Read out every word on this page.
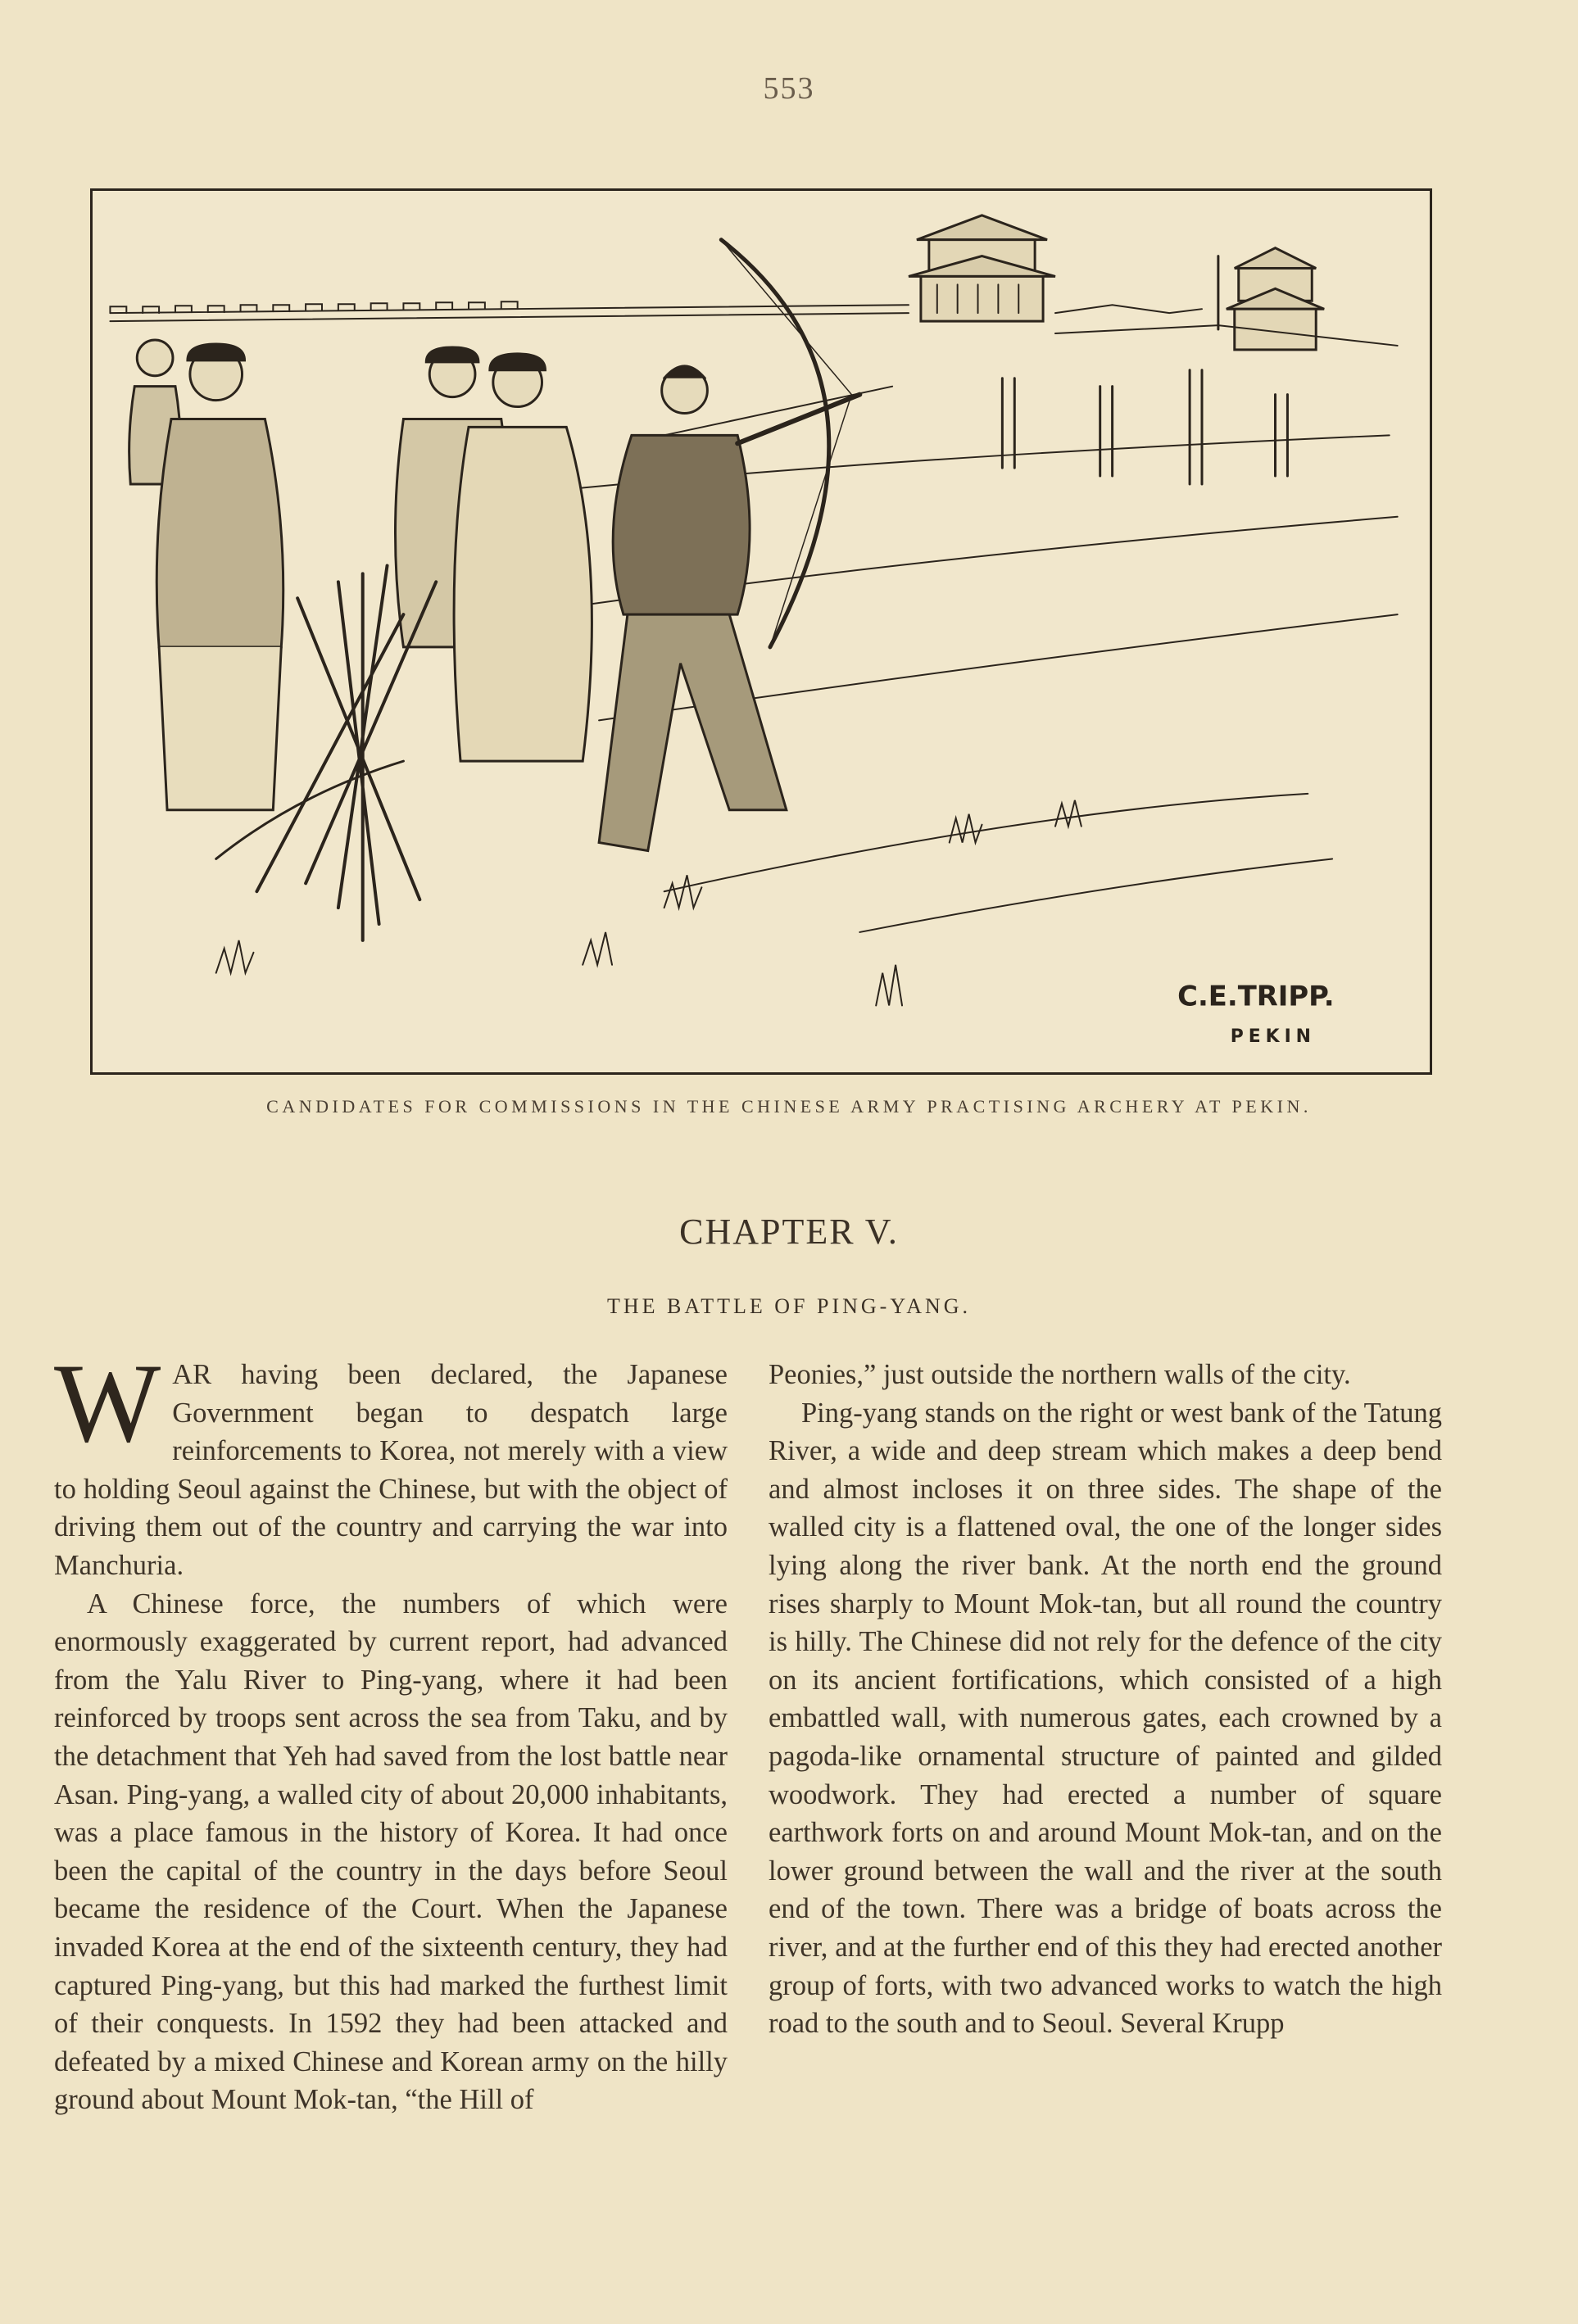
553
C.E.TRIPP.
PEKIN
CANDIDATES FOR COMMISSIONS IN THE CHINESE ARMY PRACTISING ARCHERY AT PEKIN.
CHAPTER V.
THE BATTLE OF PING-YANG.

WAR having been declared, the Japanese Government began to despatch large reinforcements to Korea, not merely with a view to holding Seoul against the Chinese, but with the object of driving them out of the country and carrying the war into Manchuria.

A Chinese force, the numbers of which were enormously exaggerated by current report, had advanced from the Yalu River to Ping-yang, where it had been reinforced by troops sent across the sea from Taku, and by the detachment that Yeh had saved from the lost battle near Asan. Ping-yang, a walled city of about 20,000 inhabitants, was a place famous in the history of Korea. It had once been the capital of the country in the days before Seoul became the residence of the Court. When the Japanese invaded Korea at the end of the sixteenth century, they had captured Ping-yang, but this had marked the furthest limit of their conquests. In 1592 they had been attacked and defeated by a mixed Chinese and Korean army on the hilly ground about Mount Mok-tan, “the Hill of

Peonies,” just outside the northern walls of the city.

Ping-yang stands on the right or west bank of the Tatung River, a wide and deep stream which makes a deep bend and almost incloses it on three sides. The shape of the walled city is a flattened oval, the one of the longer sides lying along the river bank. At the north end the ground rises sharply to Mount Mok-tan, but all round the country is hilly. The Chinese did not rely for the defence of the city on its ancient fortifications, which consisted of a high embattled wall, with numerous gates, each crowned by a pagoda-like ornamental structure of painted and gilded woodwork. They had erected a number of square earthwork forts on and around Mount Mok-tan, and on the lower ground between the wall and the river at the south end of the town. There was a bridge of boats across the river, and at the further end of this they had erected another group of forts, with two advanced works to watch the high road to the south and to Seoul. Several Krupp
